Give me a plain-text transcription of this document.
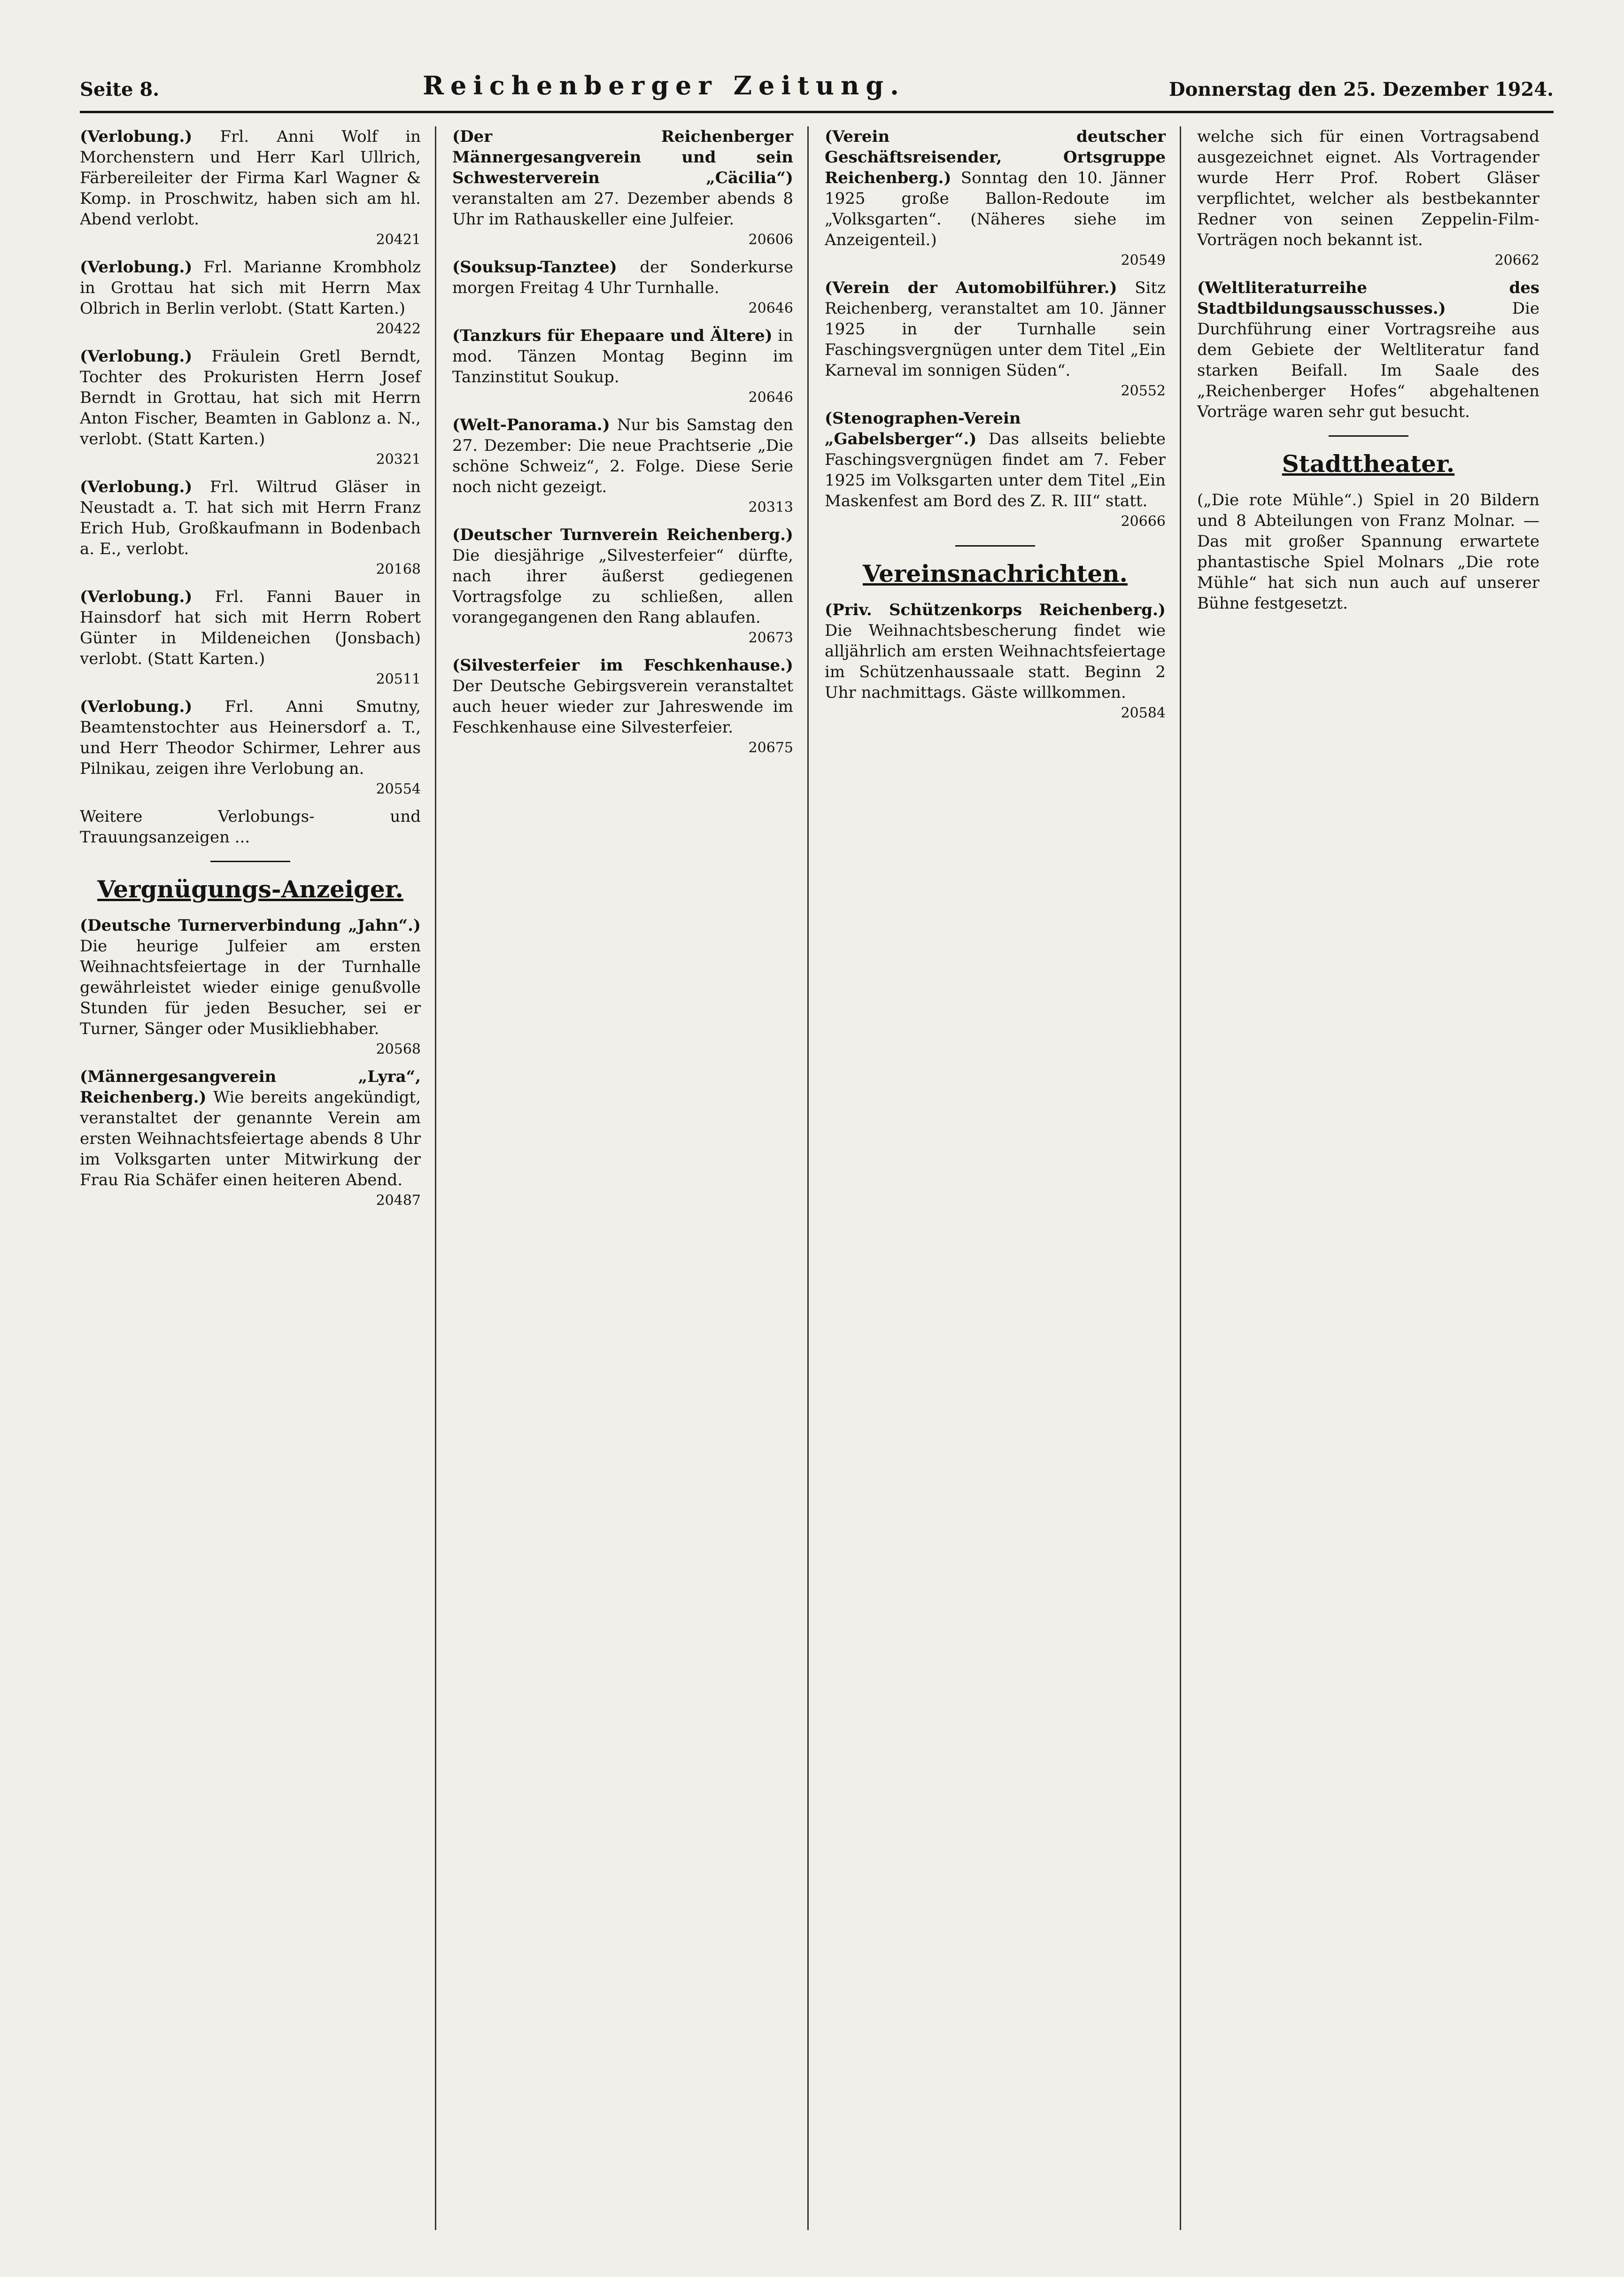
Seite 8.	Reichenberger Zeitung.	Donnerstag den 25. Dezember 1924.

(Verlobung.) Frl. Anni Wolf in Morchenstern und Herr Karl Ullrich, Färbereileiter der Firma Karl Wagner & Komp. in Proschwitz, haben sich am hl. Abend verlobt.
20421

(Verlobung.) Frl. Marianne Krombholz in Grottau hat sich mit Herrn Max Olbrich in Berlin verlobt. (Statt Karten.)
20422

(Verlobung.) Fräulein Gretl Berndt, Tochter des Prokuristen Herrn Josef Berndt in Grottau, hat sich mit Herrn Anton Fischer, Beamten in Gablonz a. N., verlobt. (Statt Karten.)
20321

(Verlobung.) Frl. Wiltrud Gläser in Neustadt a. T. hat sich mit Herrn Franz Erich Hub, Großkaufmann in Bodenbach a. E., verlobt.
20168

(Verlobung.) Frl. Fanni Bauer in Hainsdorf hat sich mit Herrn Robert Günter in Mildeneichen (Jonsbach) verlobt. (Statt Karten.)
20511

(Verlobung.) Frl. Anni Smutny, Beamtenstochter aus Heinersdorf a. T., und Herr Theodor Schirmer, Lehrer aus Pilnikau, zeigen ihre Verlobung an.
20554

Weitere Verlobungs- und Trauungsanzeigen ...

Vergnügungs-Anzeiger.

(Deutsche Turnerverbindung „Jahn“.) Die heurige Julfeier am ersten Weihnachtsfeiertage in der Turnhalle gewährleistet wieder einige genußvolle Stunden für jeden Besucher, sei er Turner, Sänger oder Musikliebhaber.
20568

(Männergesangverein „Lyra“, Reichenberg.) Wie bereits angekündigt, veranstaltet der genannte Verein am ersten Weihnachtsfeiertage abends 8 Uhr im Volksgarten unter Mitwirkung der Frau Ria Schäfer einen heiteren Abend.
20487

(Der Reichenberger Männergesangverein und sein Schwesterverein „Cäcilia“) veranstalten am 27. Dezember abends 8 Uhr im Rathauskeller eine Julfeier.
20606

(Souksup-Tanztee) der Sonderkurse morgen Freitag 4 Uhr Turnhalle.
20646

(Tanzkurs für Ehepaare und Ältere) in mod. Tänzen Montag Beginn im Tanzinstitut Soukup.
20646

(Welt-Panorama.) Nur bis Samstag den 27. Dezember: Die neue Prachtserie „Die schöne Schweiz“, 2. Folge. Diese Serie noch nicht gezeigt.
20313

(Deutscher Turnverein Reichenberg.) Die diesjährige „Silvesterfeier“ dürfte, nach ihrer äußerst gediegenen Vortragsfolge zu schließen, allen vorangegangenen den Rang ablaufen.
20673

(Silvesterfeier im Feschkenhause.) Der Deutsche Gebirgsverein veranstaltet auch heuer wieder zur Jahreswende im Feschkenhause eine Silvesterfeier.
20675

(Verein deutscher Geschäftsreisender, Ortsgruppe Reichenberg.) Sonntag den 10. Jänner 1925 große Ballon-Redoute im „Volksgarten“. (Näheres siehe im Anzeigenteil.)
20549

(Verein der Automobilführer.) Sitz Reichenberg, veranstaltet am 10. Jänner 1925 in der Turnhalle sein Faschingsvergnügen unter dem Titel „Ein Karneval im sonnigen Süden“.
20552

(Stenographen-Verein „Gabelsberger“.) Das allseits beliebte Faschingsvergnügen findet am 7. Feber 1925 im Volksgarten unter dem Titel „Ein Maskenfest am Bord des Z. R. III“ statt.
20666

Vereinsnachrichten.

(Priv. Schützenkorps Reichenberg.) Die Weihnachtsbescherung findet wie alljährlich am ersten Weihnachtsfeiertage im Schützenhaussaale statt. Beginn 2 Uhr nachmittags. Gäste willkommen.
20584

welche sich für einen Vortragsabend ausgezeichnet eignet. Als Vortragender wurde Herr Prof. Robert Gläser verpflichtet, welcher als bestbekannter Redner von seinen Zeppelin-Film-Vorträgen noch bekannt ist.
20662

(Weltliteraturreihe des Stadtbildungsausschusses.)	Die Durchführung einer Vortragsreihe aus dem Gebiete der Weltliteratur fand starken Beifall. Im Saale des „Reichenberger Hofes“ abgehaltenen Vorträge waren sehr gut besucht.

Stadttheater.

(„Die rote Mühle“.) Spiel in 20 Bildern und 8 Abteilungen von Franz Molnar. — Das mit großer Spannung erwartete phantastische Spiel Molnars „Die rote Mühle“ hat sich nun auch auf unserer Bühne festgesetzt.
